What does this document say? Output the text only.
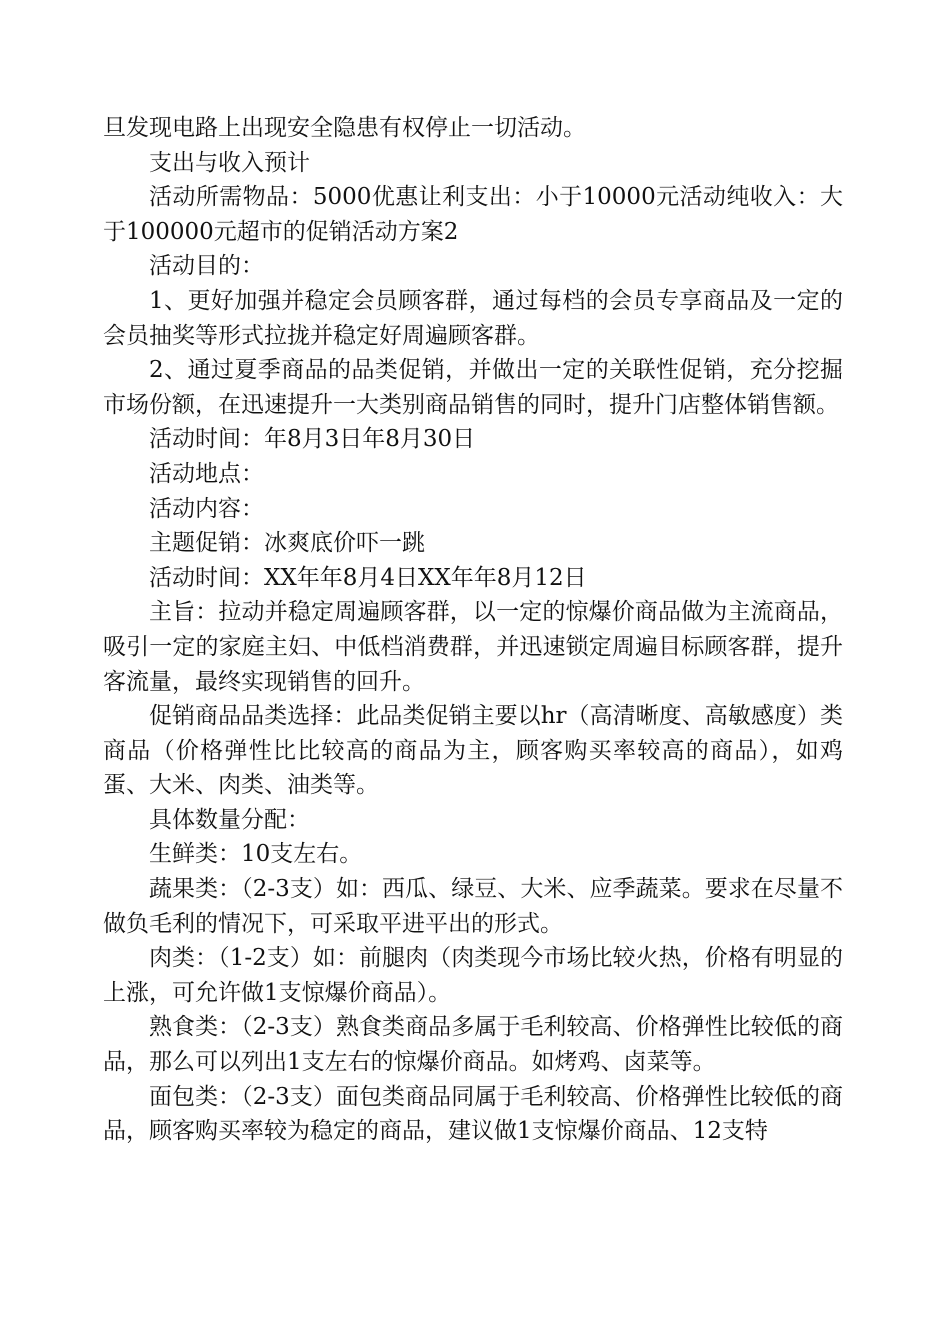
旦发现电路上出现安全隐患有权停止一切活动。

支出与收入预计

活动所需物品：5000优惠让利支出：小于10000元活动纯收入：大于100000元超市的促销活动方案2

活动目的：

1、更好加强并稳定会员顾客群，通过每档的会员专享商品及一定的会员抽奖等形式拉拢并稳定好周遍顾客群。

2、通过夏季商品的品类促销，并做出一定的关联性促销，充分挖掘市场份额，在迅速提升一大类别商品销售的同时，提升门店整体销售额。

活动时间：年8月3日年8月30日

活动地点：

活动内容：

主题促销：冰爽底价吓一跳

活动时间：XX年年8月4日XX年年8月12日

主旨：拉动并稳定周遍顾客群，以一定的惊爆价商品做为主流商品，吸引一定的家庭主妇、中低档消费群，并迅速锁定周遍目标顾客群，提升客流量，最终实现销售的回升。

促销商品品类选择：此品类促销主要以hr（高清晰度、高敏感度）类商品（价格弹性比比较高的商品为主，顾客购买率较高的商品），如鸡蛋、大米、肉类、油类等。

具体数量分配：

生鲜类：10支左右。

蔬果类：（2-3支）如：西瓜、绿豆、大米、应季蔬菜。要求在尽量不做负毛利的情况下，可采取平进平出的形式。

肉类：（1-2支）如：前腿肉（肉类现今市场比较火热，价格有明显的上涨，可允许做1支惊爆价商品）。

熟食类：（2-3支）熟食类商品多属于毛利较高、价格弹性比较低的商品，那么可以列出1支左右的惊爆价商品。如烤鸡、卤菜等。

面包类：（2-3支）面包类商品同属于毛利较高、价格弹性比较低的商品，顾客购买率较为稳定的商品，建议做1支惊爆价商品、12支特
